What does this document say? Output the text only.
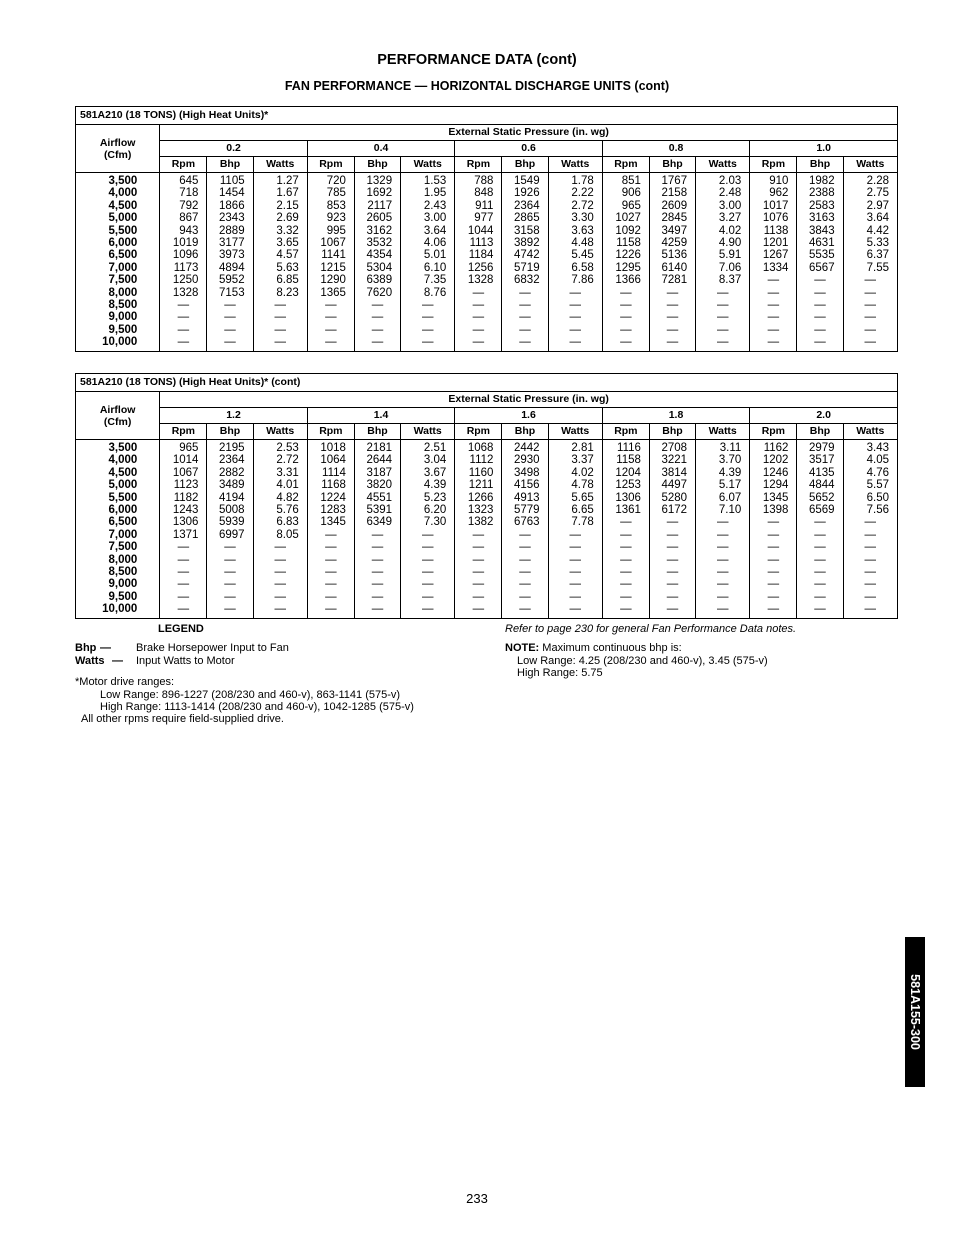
PERFORMANCE DATA (cont)
FAN PERFORMANCE — HORIZONTAL DISCHARGE UNITS (cont)
581A210 (18 TONS) (High Heat Units)*															

Airflow
(Cfm)	External Static Pressure (in. wg)														
	0.2			0.4			0.6			0.8			1.0		
	Rpm	Bhp	Watts	Rpm	Bhp	Watts	Rpm	Bhp	Watts	Rpm	Bhp	Watts	Rpm	Bhp	Watts
3,500	645	1105	1.27	720	1329	1.53	788	1549	1.78	851	1767	2.03	910	1982	2.28
4,000	718	1454	1.67	785	1692	1.95	848	1926	2.22	906	2158	2.48	962	2388	2.75
4,500	792	1866	2.15	853	2117	2.43	911	2364	2.72	965	2609	3.00	1017	2583	2.97
5,000	867	2343	2.69	923	2605	3.00	977	2865	3.30	1027	2845	3.27	1076	3163	3.64
5,500	943	2889	3.32	995	3162	3.64	1044	3158	3.63	1092	3497	4.02	1138	3843	4.42
6,000	1019	3177	3.65	1067	3532	4.06	1113	3892	4.48	1158	4259	4.90	1201	4631	5.33
6,500	1096	3973	4.57	1141	4354	5.01	1184	4742	5.45	1226	5136	5.91	1267	5535	6.37
7,000	1173	4894	5.63	1215	5304	6.10	1256	5719	6.58	1295	6140	7.06	1334	6567	7.55
7,500	1250	5952	6.85	1290	6389	7.35	1328	6832	7.86	1366	7281	8.37	—	—	—
8,000	1328	7153	8.23	1365	7620	8.76	—	—	—	—	—	—	—	—	—
8,500	—	—	—	—	—	—	—	—	—	—	—	—	—	—	—
9,000	—	—	—	—	—	—	—	—	—	—	—	—	—	—	—
9,500	—	—	—	—	—	—	—	—	—	—	—	—	—	—	—
10,000	—	—	—	—	—	—	—	—	—	—	—	—	—	—	—
581A210 (18 TONS) (High Heat Units)* (cont)															

Airflow
(Cfm)	External Static Pressure (in. wg)														
	1.2			1.4			1.6			1.8			2.0		
	Rpm	Bhp	Watts	Rpm	Bhp	Watts	Rpm	Bhp	Watts	Rpm	Bhp	Watts	Rpm	Bhp	Watts
3,500	965	2195	2.53	1018	2181	2.51	1068	2442	2.81	1116	2708	3.11	1162	2979	3.43
4,000	1014	2364	2.72	1064	2644	3.04	1112	2930	3.37	1158	3221	3.70	1202	3517	4.05
4,500	1067	2882	3.31	1114	3187	3.67	1160	3498	4.02	1204	3814	4.39	1246	4135	4.76
5,000	1123	3489	4.01	1168	3820	4.39	1211	4156	4.78	1253	4497	5.17	1294	4844	5.57
5,500	1182	4194	4.82	1224	4551	5.23	1266	4913	5.65	1306	5280	6.07	1345	5652	6.50
6,000	1243	5008	5.76	1283	5391	6.20	1323	5779	6.65	1361	6172	7.10	1398	6569	7.56
6,500	1306	5939	6.83	1345	6349	7.30	1382	6763	7.78	—	—	—	—	—	—
7,000	1371	6997	8.05	—	—	—	—	—	—	—	—	—	—	—	—
7,500	—	—	—	—	—	—	—	—	—	—	—	—	—	—	—
8,000	—	—	—	—	—	—	—	—	—	—	—	—	—	—	—
8,500	—	—	—	—	—	—	—	—	—	—	—	—	—	—	—
9,000	—	—	—	—	—	—	—	—	—	—	—	—	—	—	—
9,500	—	—	—	—	—	—	—	—	—	—	—	—	—	—	—
10,000	—	—	—	—	—	—	—	—	—	—	—	—	—	—	—
LEGEND
Bhp — Brake Horsepower Input to Fan
Watts — Input Watts to Motor
*Motor drive ranges:
Low Range: 896-1227 (208/230 and 460-v), 863-1141 (575-v)
High Range: 1113-1414 (208/230 and 460-v), 1042-1285 (575-v)
All other rpms require field-supplied drive.
Refer to page 230 for general Fan Performance Data notes.
NOTE: Maximum continuous bhp is:
Low Range: 4.25 (208/230 and 460-v), 3.45 (575-v)
High Range: 5.75
581A155-300
233
